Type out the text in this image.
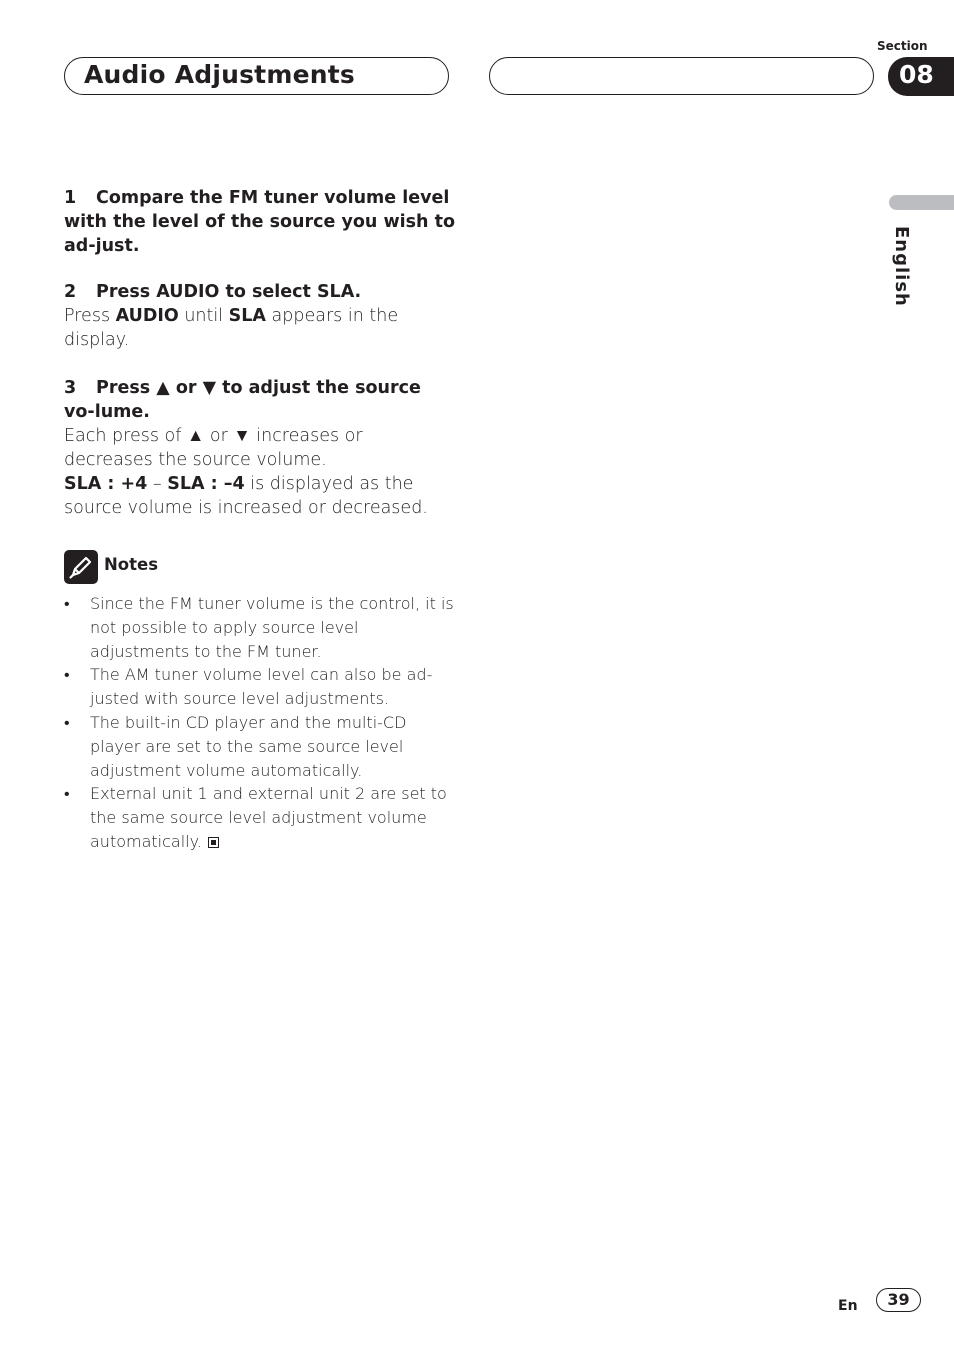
Section
Audio Adjustments	08
English
1 Compare the FM tuner volume level with the level of the source you wish to ad-just.
2 Press AUDIO to select SLA.
Press AUDIO until SLA appears in the display.
3 Press ▲ or ▼ to adjust the source vo-lume.
Each press of ▲ or ▼ increases or decreases the source volume.
SLA : +4 – SLA : –4 is displayed as the source volume is increased or decreased.
Notes
• Since the FM tuner volume is the control, it is not possible to apply source level adjustments to the FM tuner.
• The AM tuner volume level can also be ad-justed with source level adjustments.
• The built-in CD player and the multi-CD player are set to the same source level adjustment volume automatically.
• External unit 1 and external unit 2 are set to the same source level adjustment volume automatically.
En	39
